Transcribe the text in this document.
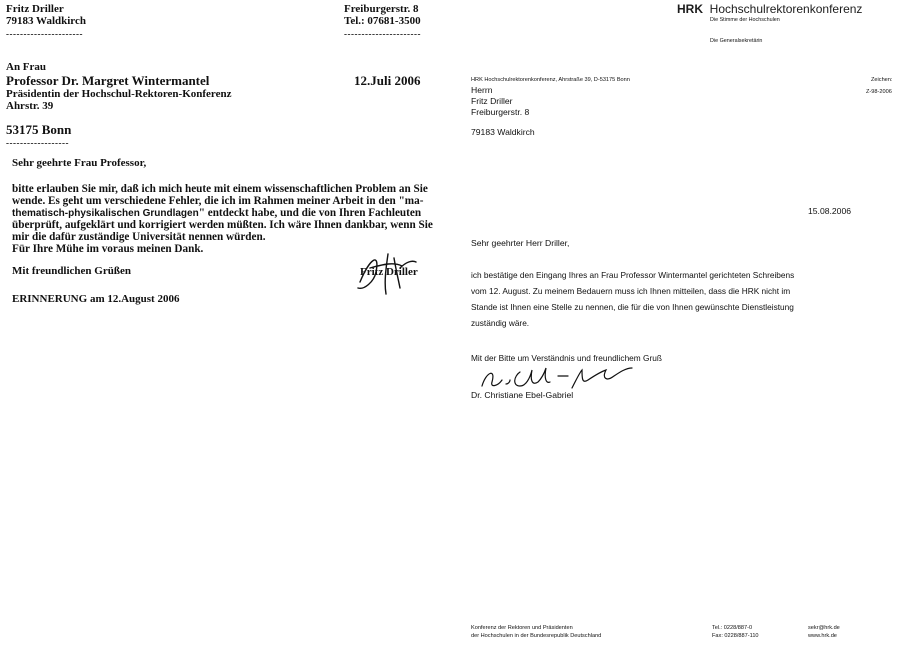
Fritz Driller
79183 Waldkirch
----------------------
Freiburgerstr. 8
Tel.: 07681-3500
----------------------
An Frau
Professor Dr. Margret Wintermantel	12.Juli 2006
Präsidentin der Hochschul-Rektoren-Konferenz
Ahrstr. 39
53175 Bonn
------------------
Sehr geehrte Frau Professor,
bitte erlauben Sie mir, daß ich mich heute mit einem wissenschaftlichen Problem an Sie
wende. Es geht um verschiedene Fehler, die ich im Rahmen meiner Arbeit in den "ma-
thematisch-physikalischen Grundlagen" entdeckt habe, und die von Ihren Fachleuten
überprüft, aufgeklärt und korrigiert werden müßten. Ich wäre Ihnen dankbar, wenn Sie
mir die dafür zuständige Universität nennen würden.
Für Ihre Mühe im voraus meinen Dank.
Mit freundlichen Grüßen	Fritz Driller
ERINNERUNG am 12.August 2006
HRK Hochschulrektorenkonferenz
Die Stimme der Hochschulen
Die Generalsekretärin
HRK Hochschulrektorenkonferenz, Ahrstraße 39, D-53175 Bonn	Zeichen:
Z-98-2006
Herrn
Fritz Driller
Freiburgerstr. 8
79183 Waldkirch
15.08.2006
Sehr geehrter Herr Driller,
ich bestätige den Eingang Ihres an Frau Professor Wintermantel gerichteten Schreibens
vom 12. August. Zu meinem Bedauern muss ich Ihnen mitteilen, dass die HRK nicht im
Stande ist Ihnen eine Stelle zu nennen, die für die von Ihnen gewünschte Dienstleistung
zuständig wäre.
Mit der Bitte um Verständnis und freundlichem Gruß
Dr. Christiane Ebel-Gabriel
Konferenz der Rektoren und Präsidenten
der Hochschulen in der Bundesrepublik Deutschland
Tel.: 0228/887-0
Fax: 0228/887-110
sekr@hrk.de
www.hrk.de
